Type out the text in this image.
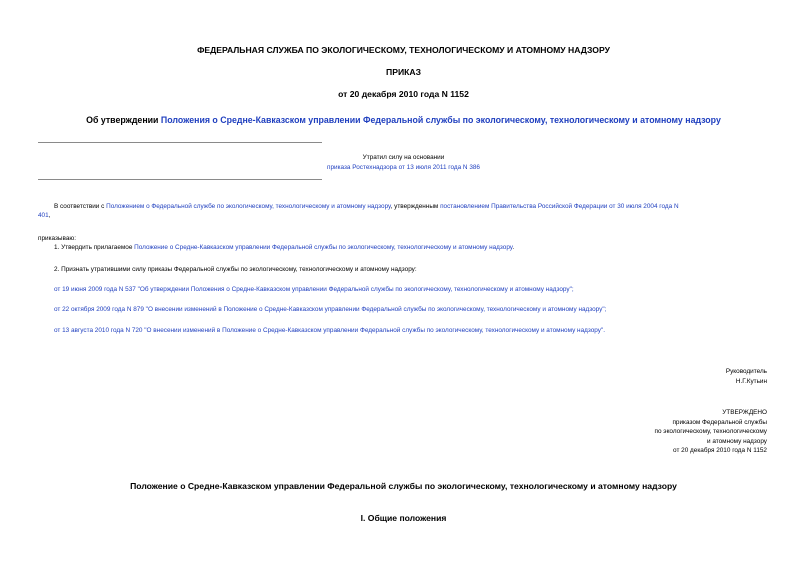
ФЕДЕРАЛЬНАЯ СЛУЖБА ПО ЭКОЛОГИЧЕСКОМУ, ТЕХНОЛОГИЧЕСКОМУ И АТОМНОМУ НАДЗОРУ
ПРИКАЗ
от 20 декабря 2010 года N 1152
Об утверждении Положения о Средне-Кавказском управлении Федеральной службы по экологическому, технологическому и атомному надзору
Утратил силу на основании
приказа Ростехнадзора от 13 июля 2011 года N 386
В соответствии с Положением о Федеральной службе по экологическому, технологическому и атомному надзору, утвержденным постановлением Правительства Российской Федерации от 30 июля 2004 года N
401,
приказываю:
1. Утвердить прилагаемое Положение о Средне-Кавказском управлении Федеральной службы по экологическому, технологическому и атомному надзору.
2. Признать утратившими силу приказы Федеральной службы по экологическому, технологическому и атомному надзору:
от 19 июня 2009 года N 537 "Об утверждении Положения о Средне-Кавказском управлении Федеральной службы по экологическому, технологическому и атомному надзору";
от 22 октября 2009 года N 879 "О внесении изменений в Положение о Средне-Кавказском управлении Федеральной службы по экологическому, технологическому и атомному надзору";
от 13 августа 2010 года N 720 "О внесении изменений в Положение о Средне-Кавказском управлении Федеральной службы по экологическому, технологическому и атомному надзору".
Руководитель
Н.Г.Кутьин
УТВЕРЖДЕНО
приказом Федеральной службы
по экологическому, технологическому
и атомному надзору
от 20 декабря 2010 года N 1152
Положение о Средне-Кавказском управлении Федеральной службы по экологическому, технологическому и атомному надзору
I. Общие положения
